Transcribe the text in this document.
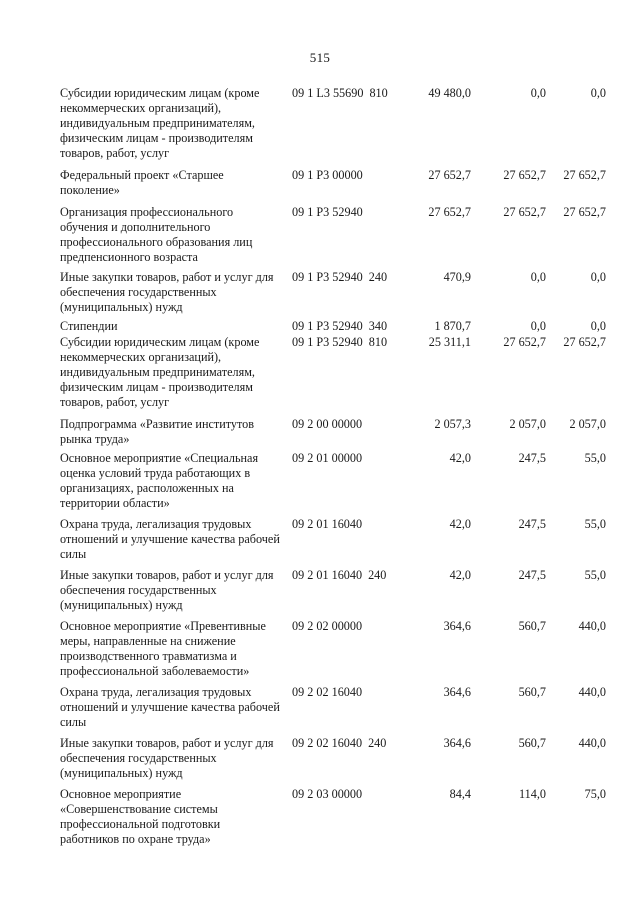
515
Субсидии юридическим лицам (кроме некоммерческих организаций), индивидуальным предпринимателям, физическим лицам - производителям товаров, работ, услуг
09 1 L3 55690 810	49 480,0	0,0	0,0
Федеральный проект «Старшее поколение»
09 1 P3 00000	27 652,7	27 652,7	27 652,7
Организация профессионального обучения и дополнительного профессионального образования лиц предпенсионного возраста
09 1 P3 52940	27 652,7	27 652,7	27 652,7
Иные закупки товаров, работ и услуг для обеспечения государственных (муниципальных) нужд
09 1 P3 52940 240	470,9	0,0	0,0
Стипендии	09 1 P3 52940 340	1 870,7	0,0	0,0
Субсидии юридическим лицам (кроме некоммерческих организаций), индивидуальным предпринимателям, физическим лицам - производителям товаров, работ, услуг
09 1 P3 52940 810	25 311,1	27 652,7	27 652,7
Подпрограмма «Развитие институтов рынка труда»
09 2 00 00000	2 057,3	2 057,0	2 057,0
Основное мероприятие «Специальная оценка условий труда работающих в организациях, расположенных на территории области»
09 2 01 00000	42,0	247,5	55,0
Охрана труда, легализация трудовых отношений и улучшение качества рабочей силы
09 2 01 16040	42,0	247,5	55,0
Иные закупки товаров, работ и услуг для обеспечения государственных (муниципальных) нужд
09 2 01 16040 240	42,0	247,5	55,0
Основное мероприятие «Превентивные меры, направленные на снижение производственного травматизма и профессиональной заболеваемости»
09 2 02 00000	364,6	560,7	440,0
Охрана труда, легализация трудовых отношений и улучшение качества рабочей силы
09 2 02 16040	364,6	560,7	440,0
Иные закупки товаров, работ и услуг для обеспечения государственных (муниципальных) нужд
09 2 02 16040 240	364,6	560,7	440,0
Основное мероприятие «Совершенствование системы профессиональной подготовки работников по охране труда»
09 2 03 00000	84,4	114,0	75,0
